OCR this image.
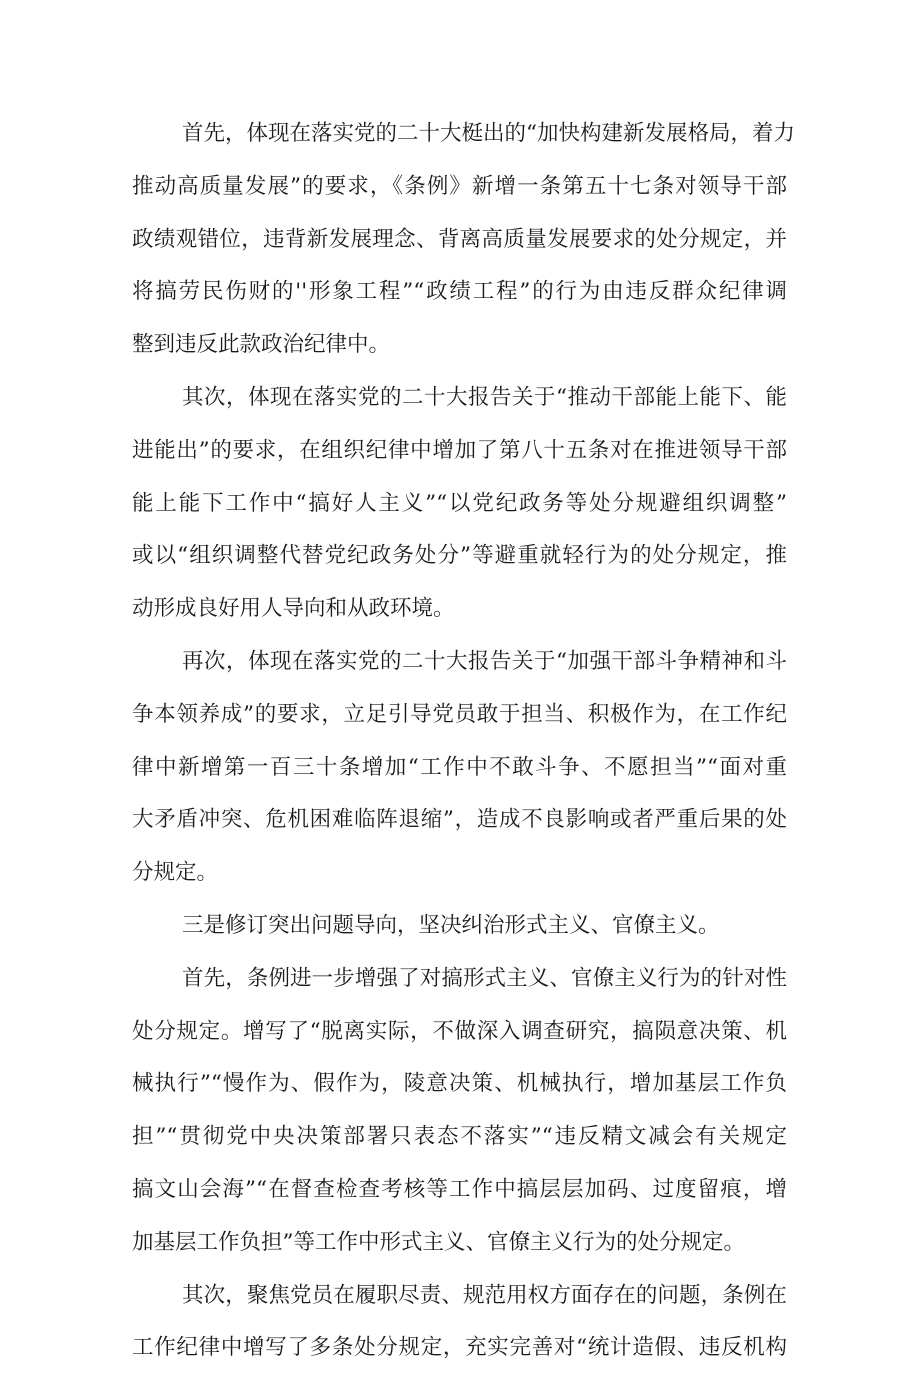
首先，体现在落实党的二十大梃出的“加快构建新发展格局，着力
推动高质量发展”的要求，《条例》新增一条第五十七条对领导干部
政绩观错位，违背新发展理念、背离高质量发展要求的处分规定，并
将搞劳民伤财的''形象工程”“政绩工程”的行为由违反群众纪律调
整到违反此款政治纪律中。
其次，体现在落实党的二十大报告关于“推动干部能上能下、能
进能出”的要求，在组织纪律中增加了第八十五条对在推进领导干部
能上能下工作中“搞好人主义”“以党纪政务等处分规避组织调整”
或以“组织调整代替党纪政务处分”等避重就轻行为的处分规定，推
动形成良好用人导向和从政环境。
再次，体现在落实党的二十大报告关于“加强干部斗争精神和斗
争本领养成”的要求，立足引导党员敢于担当、积极作为，在工作纪
律中新增第一百三十条增加“工作中不敢斗争、不愿担当”“面对重
大矛盾冲突、危机困难临阵退缩”，造成不良影响或者严重后果的处
分规定。
三是修订突出问题导向，坚决纠治形式主义、官僚主义。
首先，条例进一步增强了对搞形式主义、官僚主义行为的针对性
处分规定。增写了“脱离实际，不做深入调查研究，搞陨意决策、机
械执行”“慢作为、假作为，陵意决策、机械执行，增加基层工作负
担”“贯彻党中央决策部署只表态不落实”“违反精文减会有关规定
搞文山会海”“在督查检查考核等工作中搞层层加码、过度留痕，增
加基层工作负担”等工作中形式主义、官僚主义行为的处分规定。
其次，聚焦党员在履职尽责、规范用权方面存在的问题，条例在
工作纪律中增写了多条处分规定，充实完善对“统计造假、违反机构
